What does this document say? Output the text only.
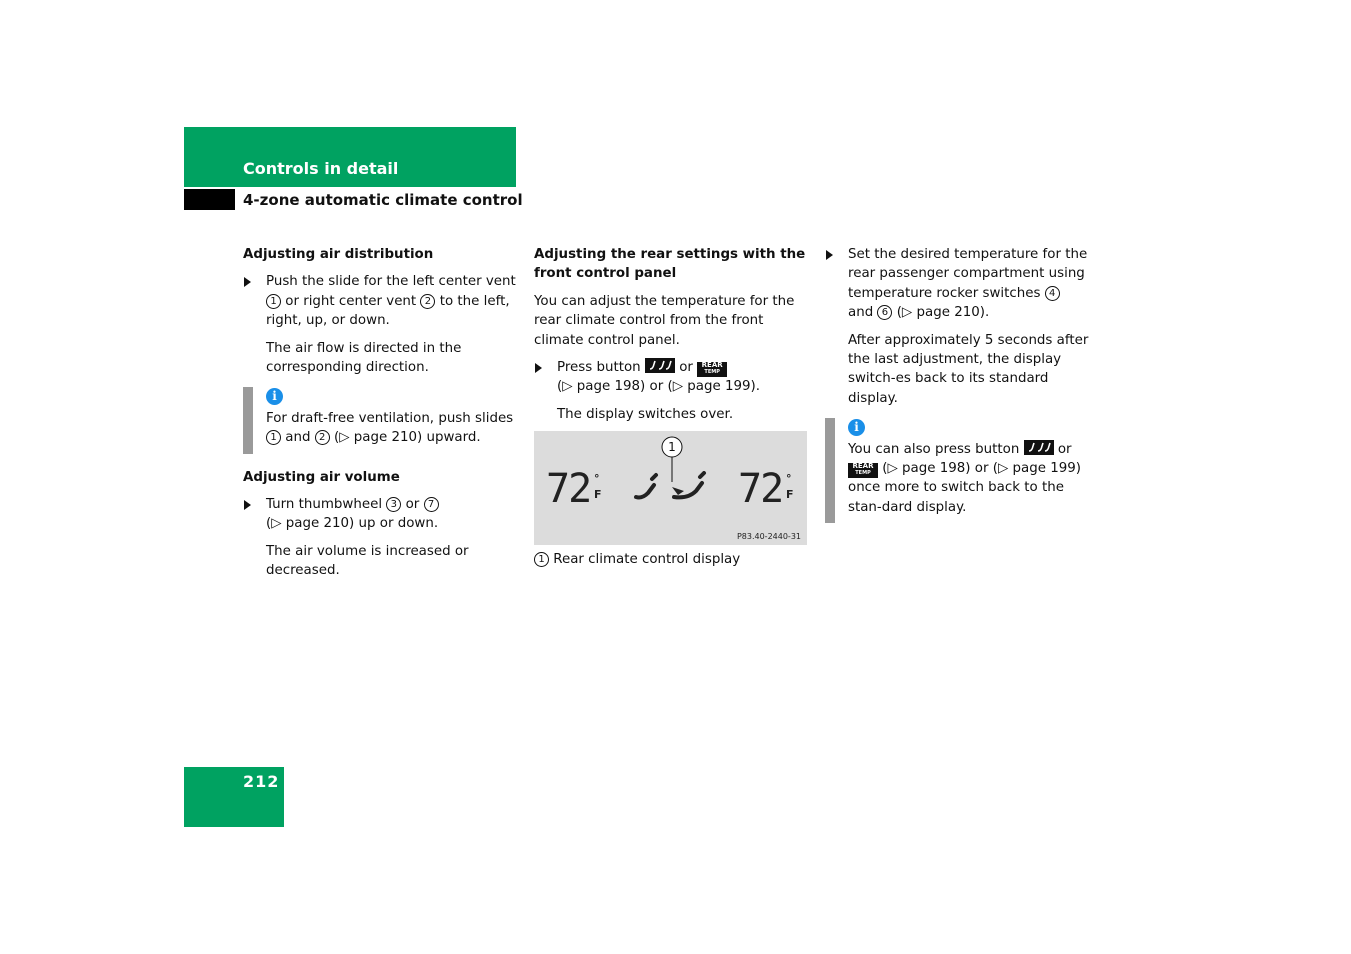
Controls in detail
4-zone automatic climate control
Adjusting air distribution
Push the slide for the left center vent 1 or right center vent 2 to the left, right, up, or down.
The air flow is directed in the corresponding direction.
i
For draft-free ventilation, push slides 1 and 2 (▷ page 210) upward.
Adjusting air volume
Turn thumbwheel 3 or 7
(▷ page 210) up or down.
The air volume is increased or decreased.
Adjusting the rear settings with the front control panel
You can adjust the temperature for the rear climate control from the front climate control panel.
Press button	or REAR
TEMP

(▷ page 198) or (▷ page 199).
The display switches over.
72 °
F	72 °
F
1
P83.40-2440-31
1 Rear climate control display
Set the desired temperature for the rear passenger compartment using temperature rocker switches 4
and 6 (▷ page 210).
After approximately 5 seconds after the last adjustment, the display switch-es back to its standard display.
i
You can also press button	or

REAR
TEMP (▷ page 198) or (▷ page 199) once more to switch back to the stan-dard display.
212
